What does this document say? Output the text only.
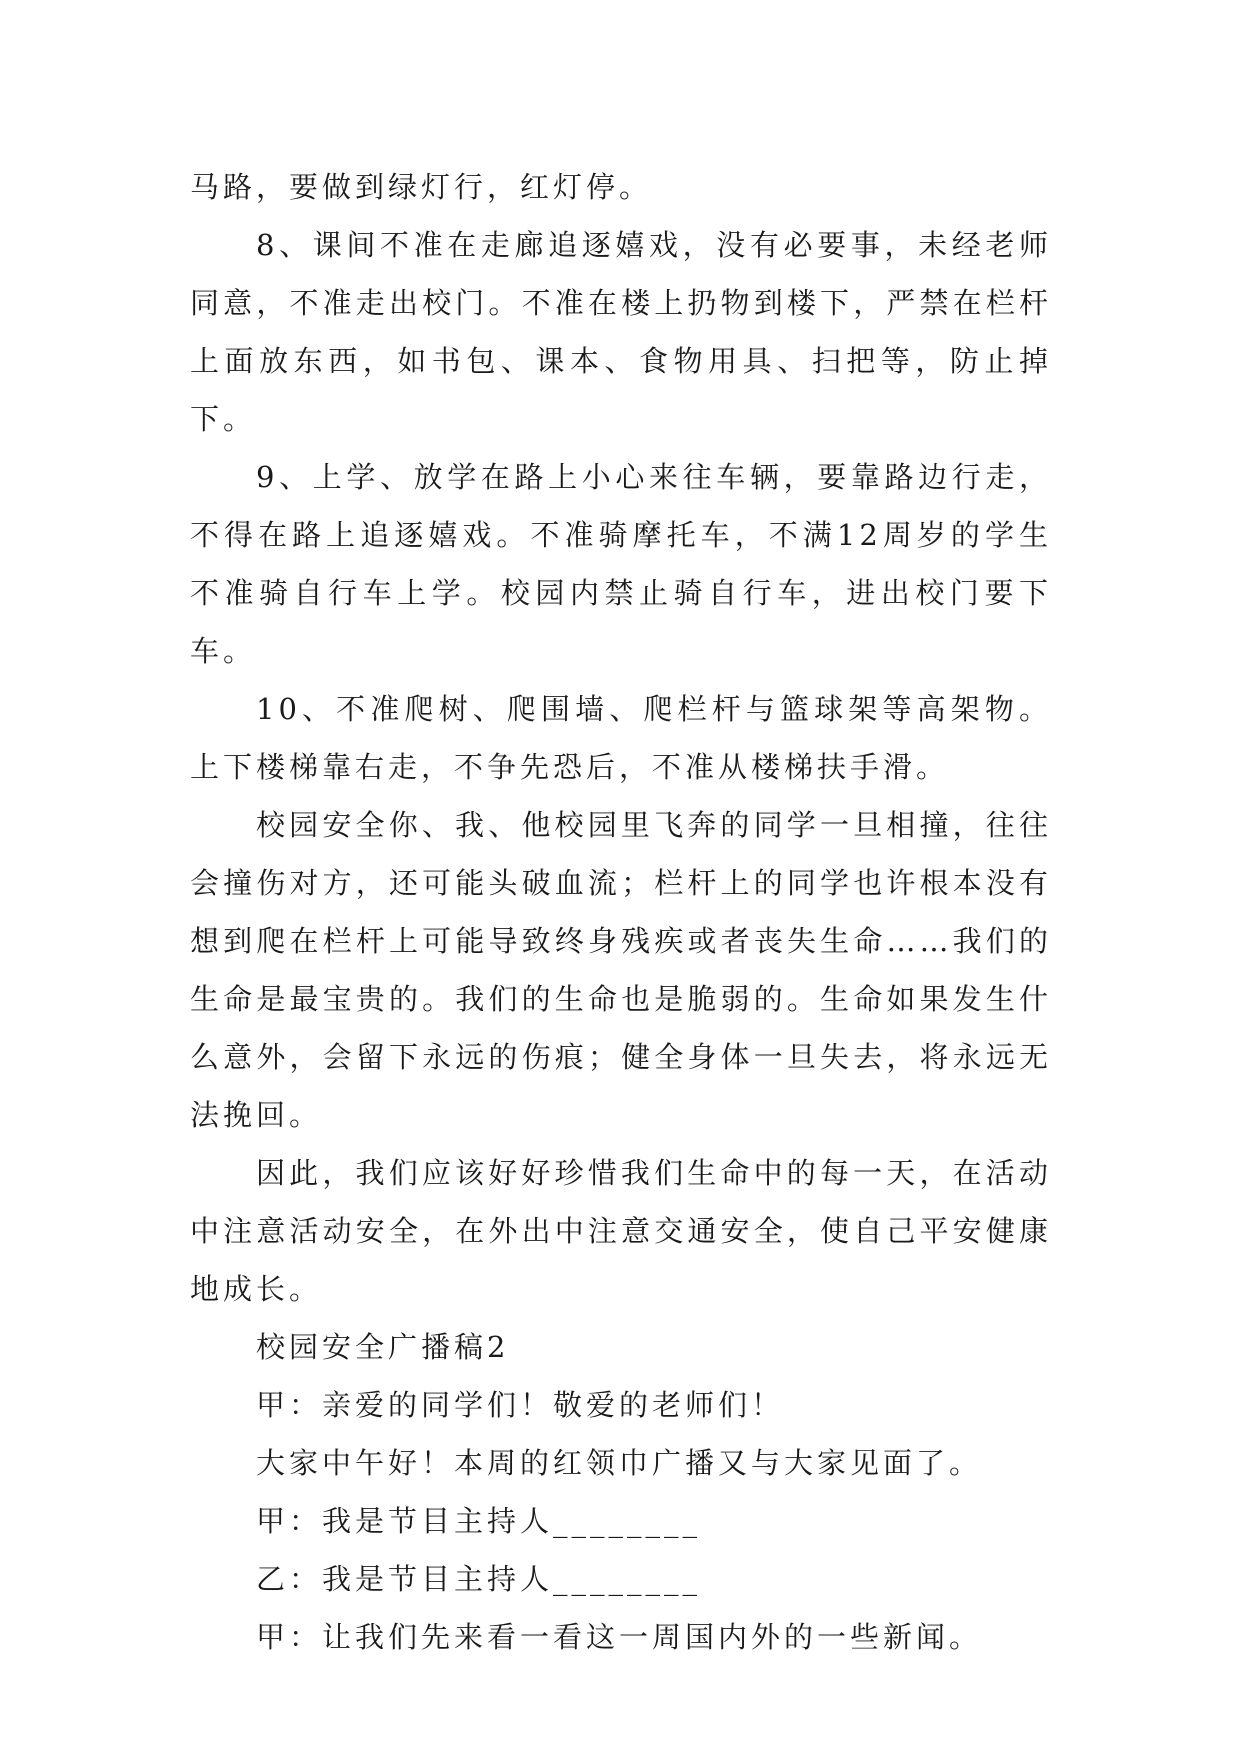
马路，要做到绿灯行，红灯停。

8、课间不准在走廊追逐嬉戏，没有必要事，未经老师同意，不准走出校门。不准在楼上扔物到楼下，严禁在栏杆上面放东西，如书包、课本、食物用具、扫把等，防止掉下。

9、上学、放学在路上小心来往车辆，要靠路边行走，不得在路上追逐嬉戏。不准骑摩托车，不满12周岁的学生不准骑自行车上学。校园内禁止骑自行车，进出校门要下车。

10、不准爬树、爬围墙、爬栏杆与篮球架等高架物。上下楼梯靠右走，不争先恐后，不准从楼梯扶手滑。

校园安全你、我、他校园里飞奔的同学一旦相撞，往往会撞伤对方，还可能头破血流；栏杆上的同学也许根本没有想到爬在栏杆上可能导致终身残疾或者丧失生命……我们的生命是最宝贵的。我们的生命也是脆弱的。生命如果发生什么意外，会留下永远的伤痕；健全身体一旦失去，将永远无法挽回。

因此，我们应该好好珍惜我们生命中的每一天，在活动中注意活动安全，在外出中注意交通安全，使自己平安健康地成长。

校园安全广播稿2

甲：亲爱的同学们！敬爱的老师们！

大家中午好！本周的红领巾广播又与大家见面了。

甲：我是节目主持人________

乙：我是节目主持人________

甲：让我们先来看一看这一周国内外的一些新闻。
